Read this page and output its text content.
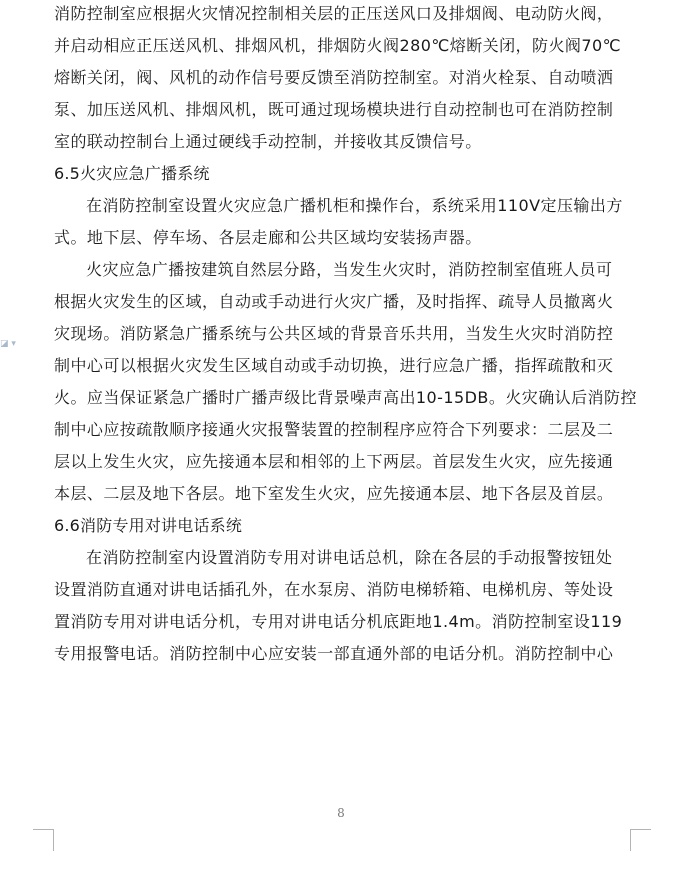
◪ ▾
消防控制室应根据火灾情况控制相关层的正压送风口及排烟阀、电动防火阀，
并启动相应正压送风机、排烟风机，排烟防火阀280℃熔断关闭，防火阀70℃
熔断关闭，阀、风机的动作信号要反馈至消防控制室。对消火栓泵、自动喷洒
泵、加压送风机、排烟风机，既可通过现场模块进行自动控制也可在消防控制
室的联动控制台上通过硬线手动控制，并接收其反馈信号。
6.5火灾应急广播系统
在消防控制室设置火灾应急广播机柜和操作台，系统采用110V定压输出方
式。地下层、停车场、各层走廊和公共区域均安装扬声器。
火灾应急广播按建筑自然层分路，当发生火灾时，消防控制室值班人员可
根据火灾发生的区域，自动或手动进行火灾广播，及时指挥、疏导人员撤离火
灾现场。消防紧急广播系统与公共区域的背景音乐共用，当发生火灾时消防控
制中心可以根据火灾发生区域自动或手动切换，进行应急广播，指挥疏散和灭
火。应当保证紧急广播时广播声级比背景噪声高出10-15DB。火灾确认后消防控
制中心应按疏散顺序接通火灾报警装置的控制程序应符合下列要求：二层及二
层以上发生火灾，应先接通本层和相邻的上下两层。首层发生火灾，应先接通
本层、二层及地下各层。地下室发生火灾，应先接通本层、地下各层及首层。
6.6消防专用对讲电话系统
在消防控制室内设置消防专用对讲电话总机，除在各层的手动报警按钮处
设置消防直通对讲电话插孔外，在水泵房、消防电梯轿箱、电梯机房、等处设
置消防专用对讲电话分机，专用对讲电话分机底距地1.4m。消防控制室设119
专用报警电话。消防控制中心应安装一部直通外部的电话分机。消防控制中心
8
